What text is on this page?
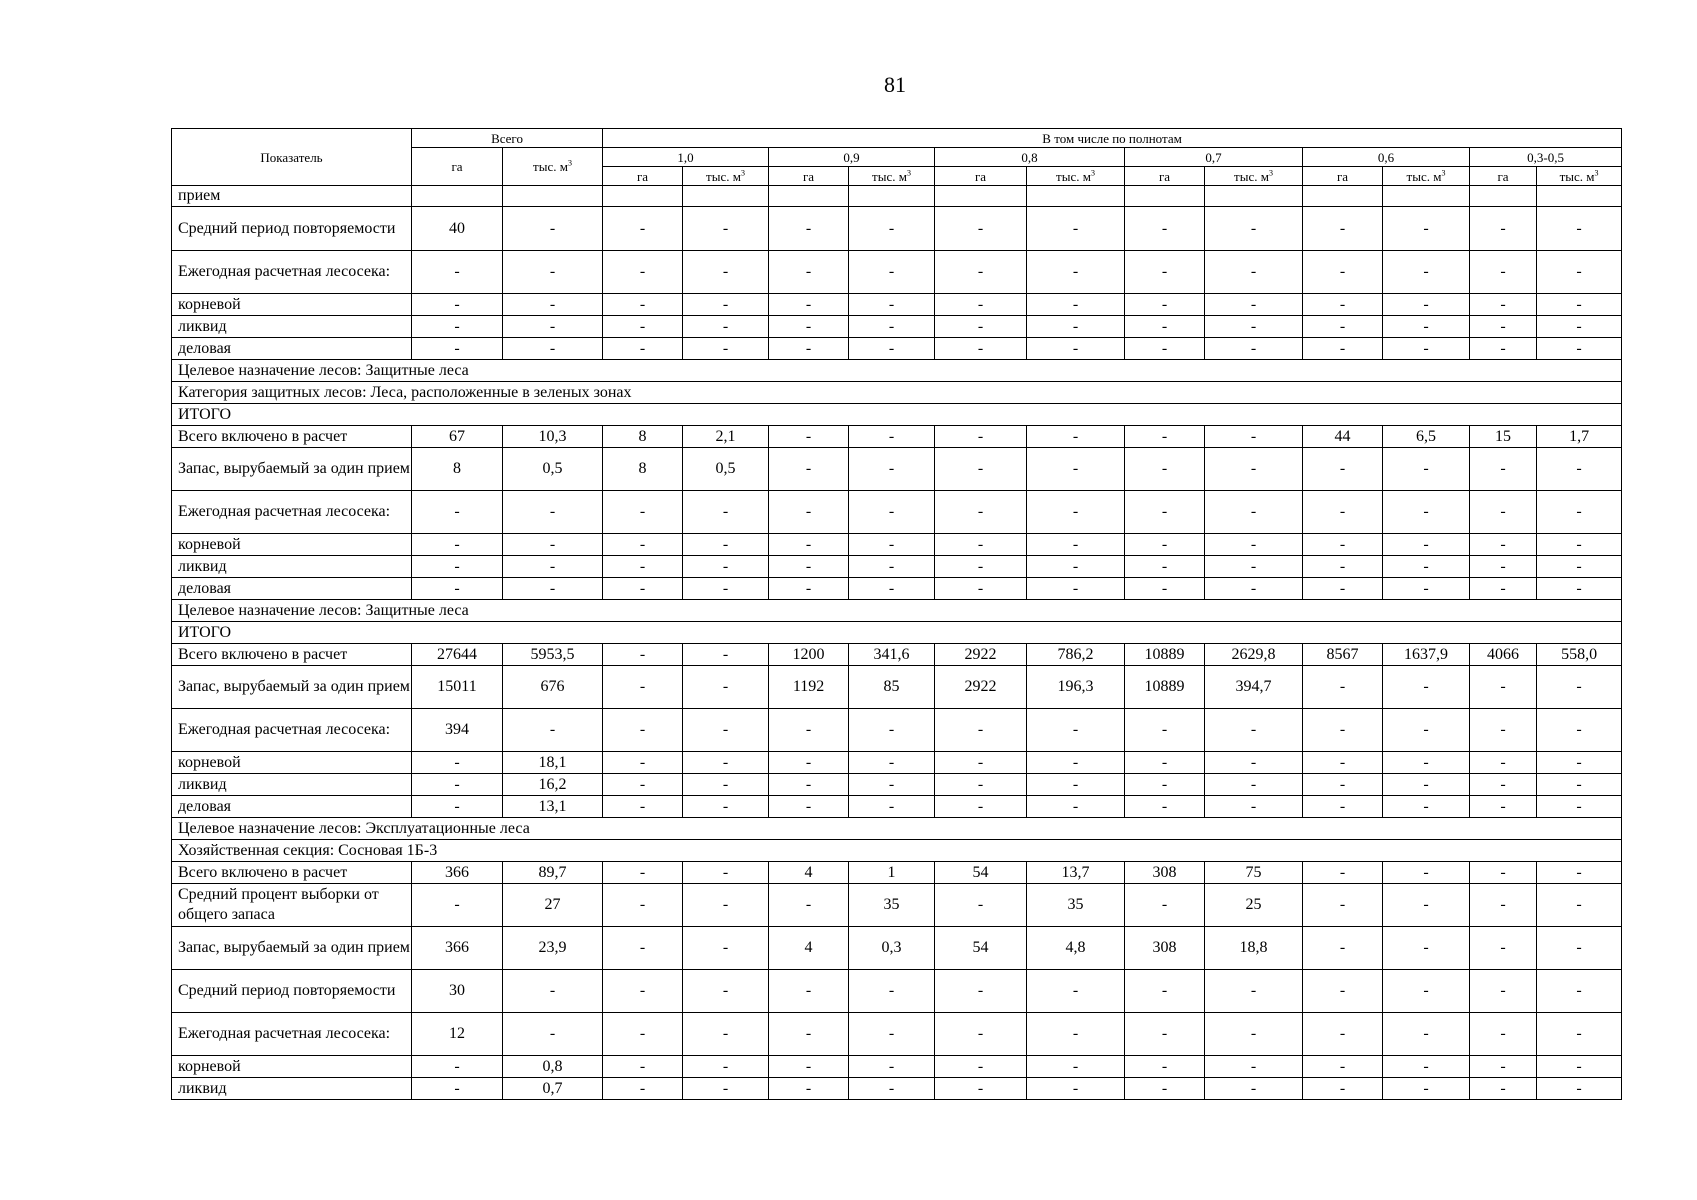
81
Показатель	Всего		В том числе по полнотам											
	га	тыс. $м^3$	1,0		0,9		0,8		0,7		0,6		0,3-0,5	
			га	тыс. $м^3$	га	тыс. $м^3$	га	тыс. $м^3$	га	тыс. $м^3$	га	тыс. $м^3$	га	тыс. $м^3$
прием														
Средний период повторяемости	40	-	-	-	-	-	-	-	-	-	-	-	-	-
Ежегодная расчетная лесосека:	-	-	-	-	-	-	-	-	-	-	-	-	-	-
корневой	-	-	-	-	-	-	-	-	-	-	-	-	-	-
ликвид	-	-	-	-	-	-	-	-	-	-	-	-	-	-
деловая	-	-	-	-	-	-	-	-	-	-	-	-	-	-
Целевое назначение лесов: Защитные леса														
Категория защитных лесов: Леса, расположенные в зеленых зонах														
ИТОГО														
Всего включено в расчет	67	10,3	8	2,1	-	-	-	-	-	-	44	6,5	15	1,7
Запас, вырубаемый за один прием	8	0,5	8	0,5	-	-	-	-	-	-	-	-	-	-
Ежегодная расчетная лесосека:	-	-	-	-	-	-	-	-	-	-	-	-	-	-
корневой	-	-	-	-	-	-	-	-	-	-	-	-	-	-
ликвид	-	-	-	-	-	-	-	-	-	-	-	-	-	-
деловая	-	-	-	-	-	-	-	-	-	-	-	-	-	-
Целевое назначение лесов: Защитные леса														
ИТОГО														
Всего включено в расчет	27644	5953,5	-	-	1200	341,6	2922	786,2	10889	2629,8	8567	1637,9	4066	558,0
Запас, вырубаемый за один прием	15011	676	-	-	1192	85	2922	196,3	10889	394,7	-	-	-	-
Ежегодная расчетная лесосека:	394	-	-	-	-	-	-	-	-	-	-	-	-	-
корневой	-	18,1	-	-	-	-	-	-	-	-	-	-	-	-
ликвид	-	16,2	-	-	-	-	-	-	-	-	-	-	-	-
деловая	-	13,1	-	-	-	-	-	-	-	-	-	-	-	-
Целевое назначение лесов: Эксплуатационные леса														
Хозяйственная секция: Сосновая 1Б-3														
Всего включено в расчет	366	89,7	-	-	4	1	54	13,7	308	75	-	-	-	-
Средний процент выборки от общего запаса	-	27	-	-	-	35	-	35	-	25	-	-	-	-
Запас, вырубаемый за один прием	366	23,9	-	-	4	0,3	54	4,8	308	18,8	-	-	-	-
Средний период повторяемости	30	-	-	-	-	-	-	-	-	-	-	-	-	-
Ежегодная расчетная лесосека:	12	-	-	-	-	-	-	-	-	-	-	-	-	-
корневой	-	0,8	-	-	-	-	-	-	-	-	-	-	-	-
ликвид	-	0,7	-	-	-	-	-	-	-	-	-	-	-	-
